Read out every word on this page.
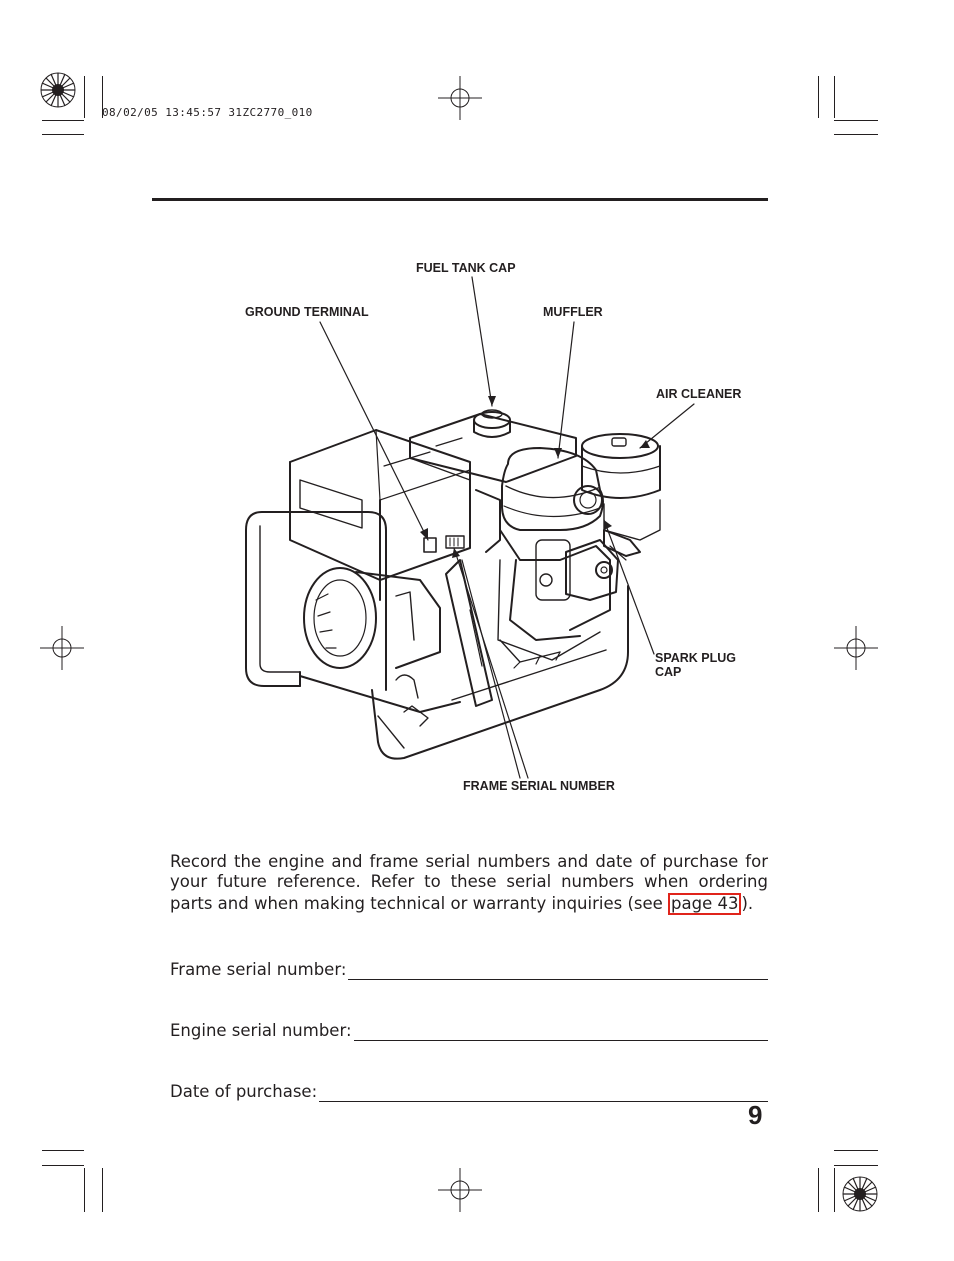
08/02/05 13:45:57 31ZC2770_010
FUEL TANK CAP
GROUND TERMINAL	MUFFLER
AIR CLEANER
SPARK PLUG
CAP
FRAME SERIAL NUMBER
Record the engine and frame serial numbers and date of purchase for your future reference. Refer to these serial numbers when ordering parts and when making technical or warranty inquiries (see page 43 ).
Frame serial number:
Engine serial number:
Date of purchase:
9
